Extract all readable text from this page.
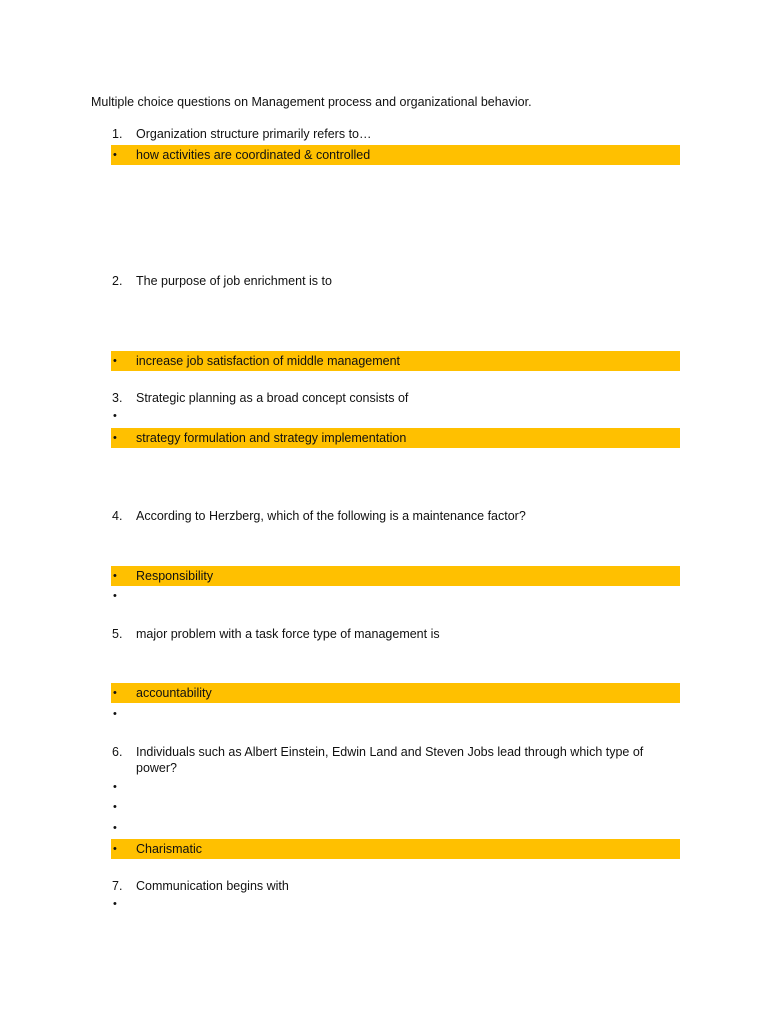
Multiple choice questions on Management process and organizational behavior.
1.	Organization structure primarily refers to…
• how activities are coordinated & controlled
2.	The purpose of job enrichment is to
• increase job satisfaction of middle management
3.	Strategic planning as a broad concept consists of
•
• strategy formulation and strategy implementation
4.	According to Herzberg, which of the following is a maintenance factor?
• Responsibility
•
5.	major problem with a task force type of management is
• accountability
•
6.	Individuals such as Albert Einstein, Edwin Land and Steven Jobs lead through which type of power?
•
•
•
• Charismatic
7.	Communication begins with
•
